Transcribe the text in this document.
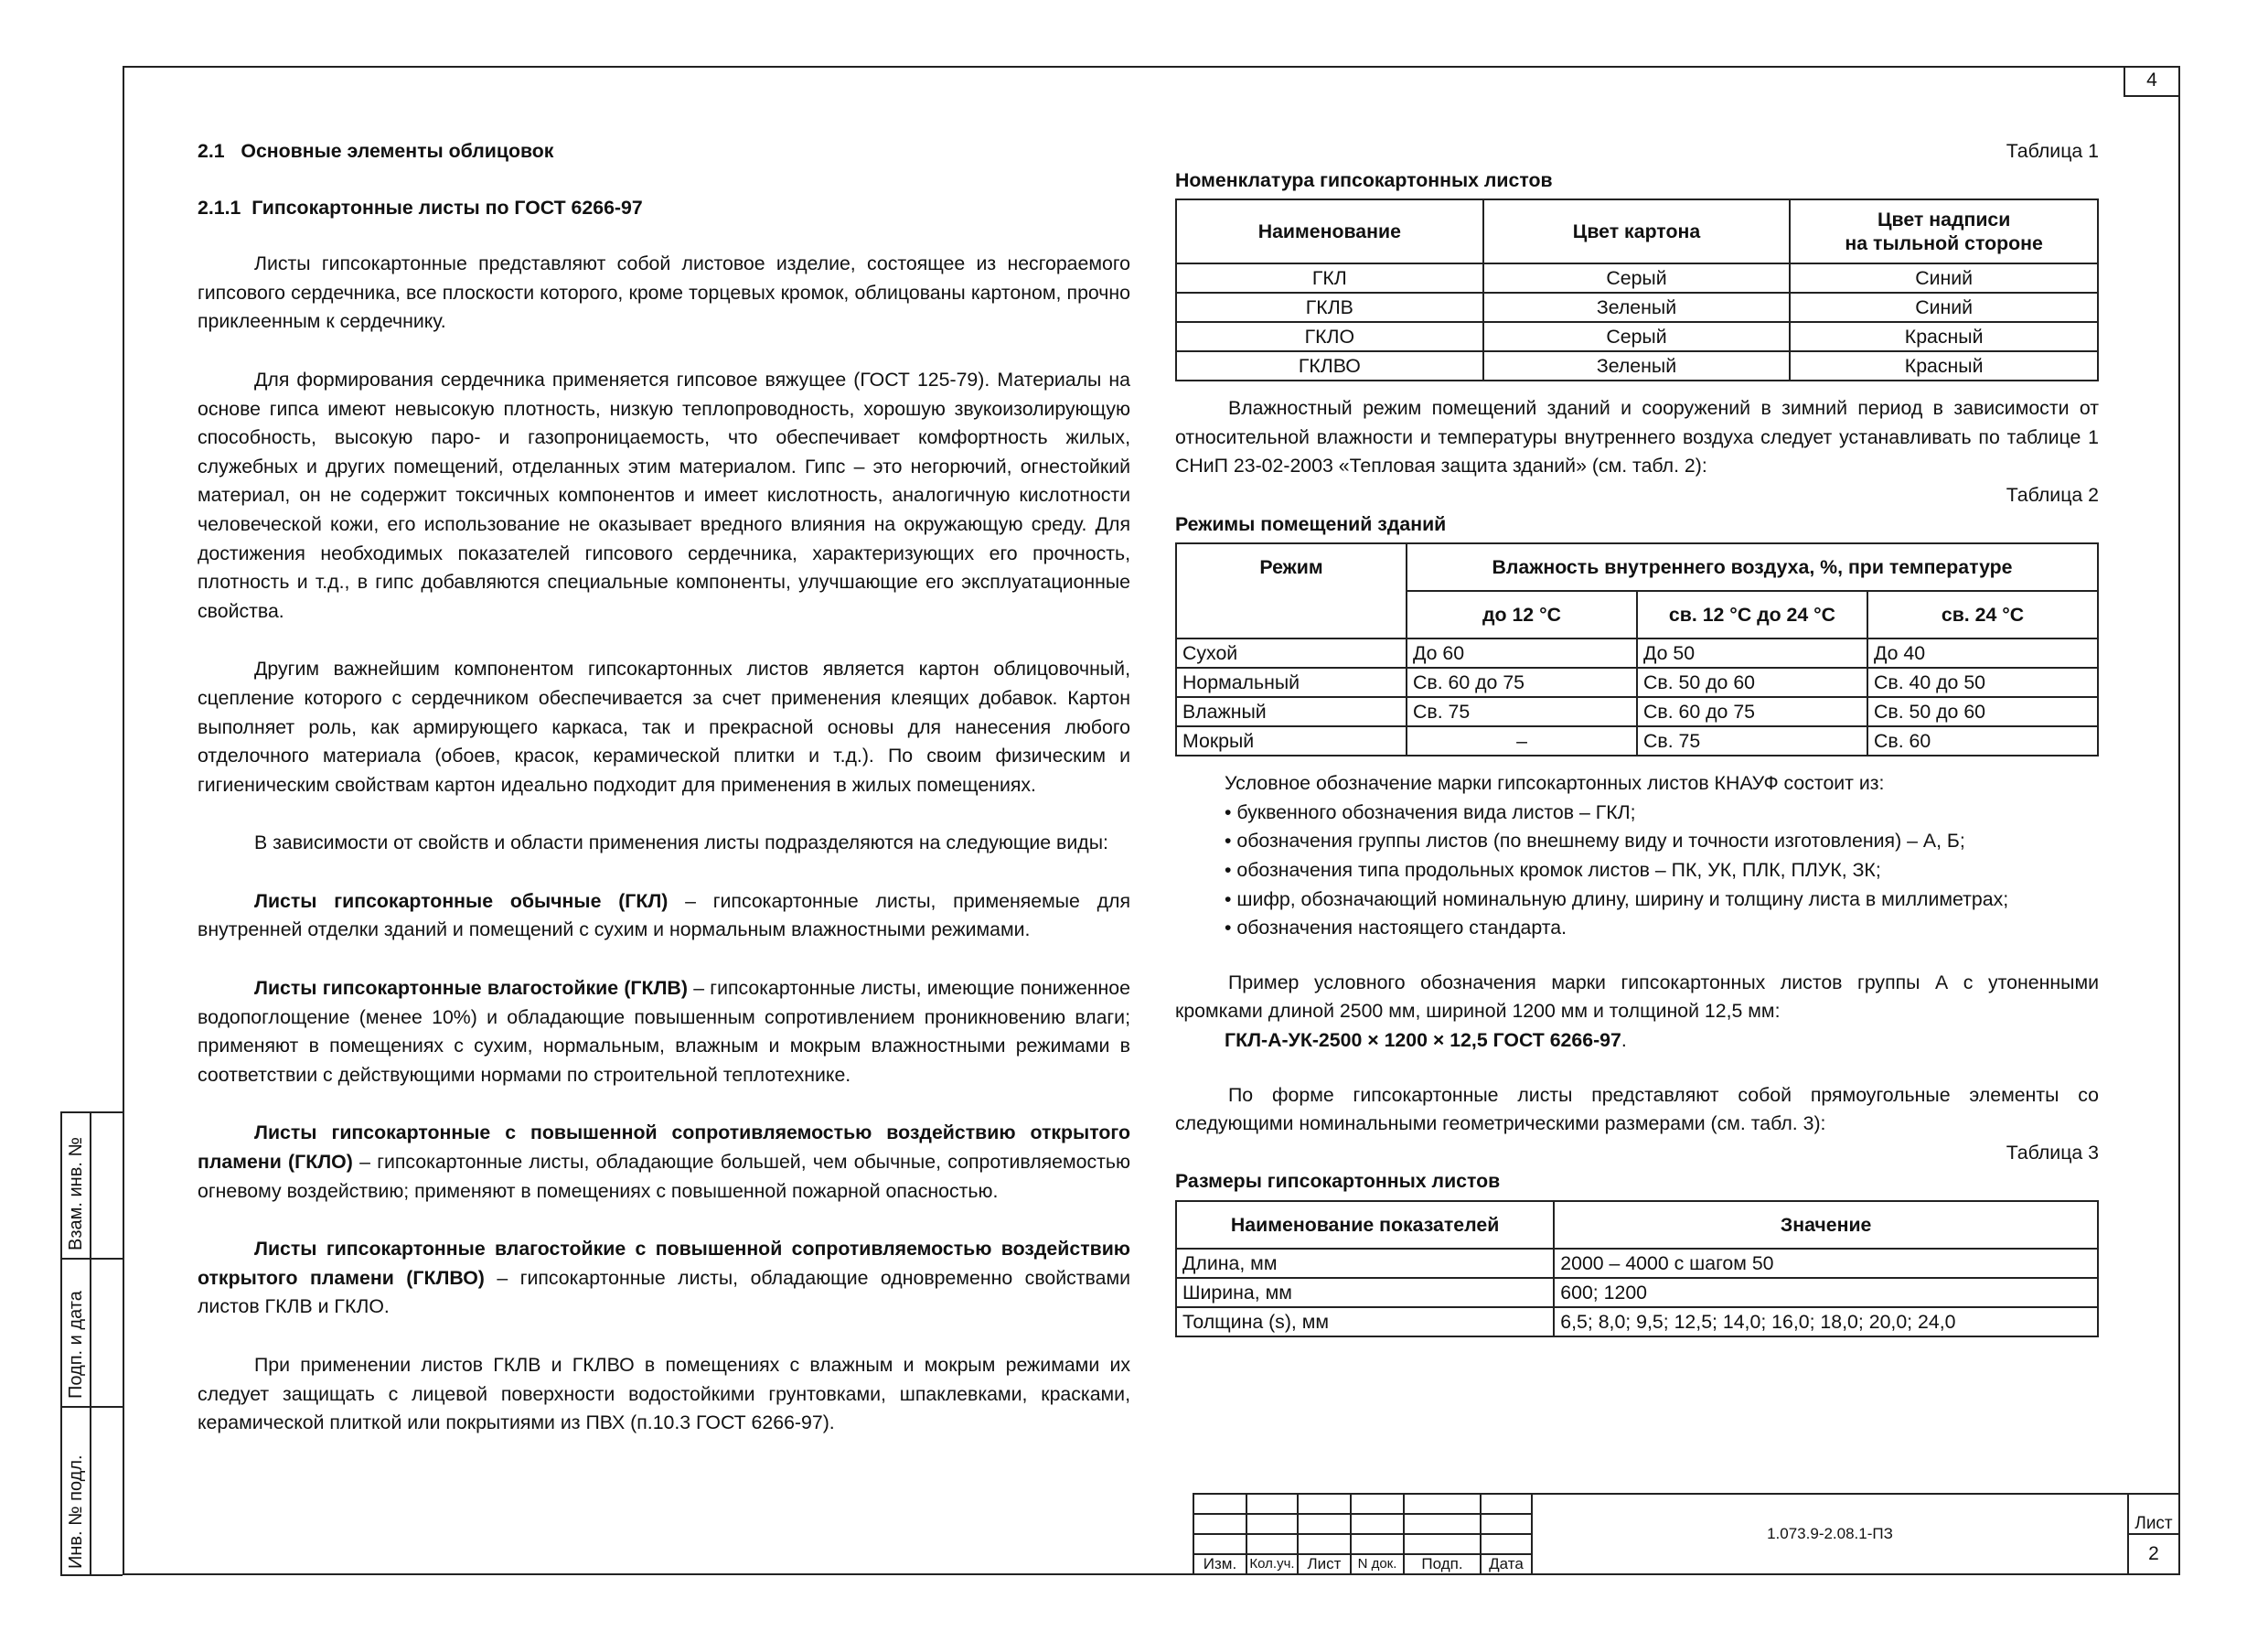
4
Взам. инв. №
Подп. и дата
Инв. № подл.

2.1 Основные элементы облицовок

2.1.1 Гипсокартонные листы по ГОСТ 6266-97

Листы гипсокартонные представляют собой листовое изделие, состоящее из несгораемого гипсового сердечника, все плоскости которого, кроме торцевых кромок, облицованы картоном, прочно приклеенным к сердечнику.

Для формирования сердечника применяется гипсовое вяжущее (ГОСТ 125-79). Материалы на основе гипса имеют невысокую плотность, низкую теплопроводность, хорошую звукоизолирующую способность, высокую паро- и газопроницаемость, что обеспечивает комфортность жилых, служебных и других помещений, отделанных этим материалом. Гипс – это негорючий, огнестойкий материал, он не содержит токсичных компонентов и имеет кислотность, аналогичную кислотности человеческой кожи, его использование не оказывает вредного влияния на окружающую среду. Для достижения необходимых показателей гипсового сердечника, характеризующих его прочность, плотность и т.д., в гипс добавляются специальные компоненты, улучшающие его эксплуатационные свойства.

Другим важнейшим компонентом гипсокартонных листов является картон облицовочный, сцепление которого с сердечником обеспечивается за счет применения клеящих добавок. Картон выполняет роль, как армирующего каркаса, так и прекрасной основы для нанесения любого отделочного материала (обоев, красок, керамической плитки и т.д.). По своим физическим и гигиеническим свойствам картон идеально подходит для применения в жилых помещениях.

В зависимости от свойств и области применения листы подразделяются на следующие виды:

Листы гипсокартонные обычные (ГКЛ) – гипсокартонные листы, применяемые для внутренней отделки зданий и помещений с сухим и нормальным влажностными режимами.

Листы гипсокартонные влагостойкие (ГКЛВ) – гипсокартонные листы, имеющие пониженное водопоглощение (менее 10%) и обладающие повышенным сопротивлением проникновению влаги; применяют в помещениях с сухим, нормальным, влажным и мокрым влажностными режимами в соответствии с действующими нормами по строительной теплотехнике.

Листы гипсокартонные с повышенной сопротивляемостью воздействию открытого пламени (ГКЛО) – гипсокартонные листы, обладающие большей, чем обычные, сопротивляемостью огневому воздействию; применяют в помещениях с повышенной пожарной опасностью.

Листы гипсокартонные влагостойкие с повышенной сопротивляемостью воздействию открытого пламени (ГКЛВО) – гипсокартонные листы, обладающие одновременно свойствами листов ГКЛВ и ГКЛО.

При применении листов ГКЛВ и ГКЛВО в помещениях с влажным и мокрым режимами их следует защищать с лицевой поверхности водостойкими грунтовками, шпаклевками, красками, керамической плиткой или покрытиями из ПВХ (п.10.3 ГОСТ 6266-97).

Таблица 1

Номенклатура гипсокартонных листов

Наименование	Цвет картона	Цвет надписи
на тыльной стороне
ГКЛ	Серый	Синий
ГКЛВ	Зеленый	Синий
ГКЛО	Серый	Красный
ГКЛВО	Зеленый	Красный

Влажностный режим помещений зданий и сооружений в зимний период в зависимости от относительной влажности и температуры внутреннего воздуха следует устанавливать по таблице 1 СНиП 23-02-2003 «Тепловая защита зданий» (см. табл. 2):

Таблица 2

Режимы помещений зданий

Режим	Влажность внутреннего воздуха, %, при температуре		
	до 12 °С	св. 12 °С до 24 °С	св. 24 °С
Сухой	До 60	До 50	До 40
Нормальный	Св. 60 до 75	Св. 50 до 60	Св. 40 до 50
Влажный	Св. 75	Св. 60 до 75	Св. 50 до 60
Мокрый	–	Св. 75	Св. 60

Условное обозначение марки гипсокартонных листов КНАУФ состоит из:

• буквенного обозначения вида листов – ГКЛ;

• обозначения группы листов (по внешнему виду и точности изготовления) – А, Б;

• обозначения типа продольных кромок листов – ПК, УК, ПЛК, ПЛУК, ЗК;

• шифр, обозначающий номинальную длину, ширину и толщину листа в миллиметрах;

• обозначения настоящего стандарта.

Пример условного обозначения марки гипсокартонных листов группы А с утоненными кромками длиной 2500 мм, шириной 1200 мм и толщиной 12,5 мм:

ГКЛ-А-УК-2500 × 1200 × 12,5 ГОСТ 6266-97.

По форме гипсокартонные листы представляют собой прямоугольные элементы со следующими номинальными геометрическими размерами (см. табл. 3):

Таблица 3

Размеры гипсокартонных листов

Наименование показателей	Значение
Длина, мм	2000 – 4000 с шагом 50
Ширина, мм	600; 1200
Толщина (s), мм	6,5; 8,0; 9,5; 12,5; 14,0; 16,0; 18,0; 20,0; 24,0
						1.073.9-2.08.1-ПЗ	Лист

							2
Изм.	Кол.уч.	Лист	N док.	Подп.	Дата		
